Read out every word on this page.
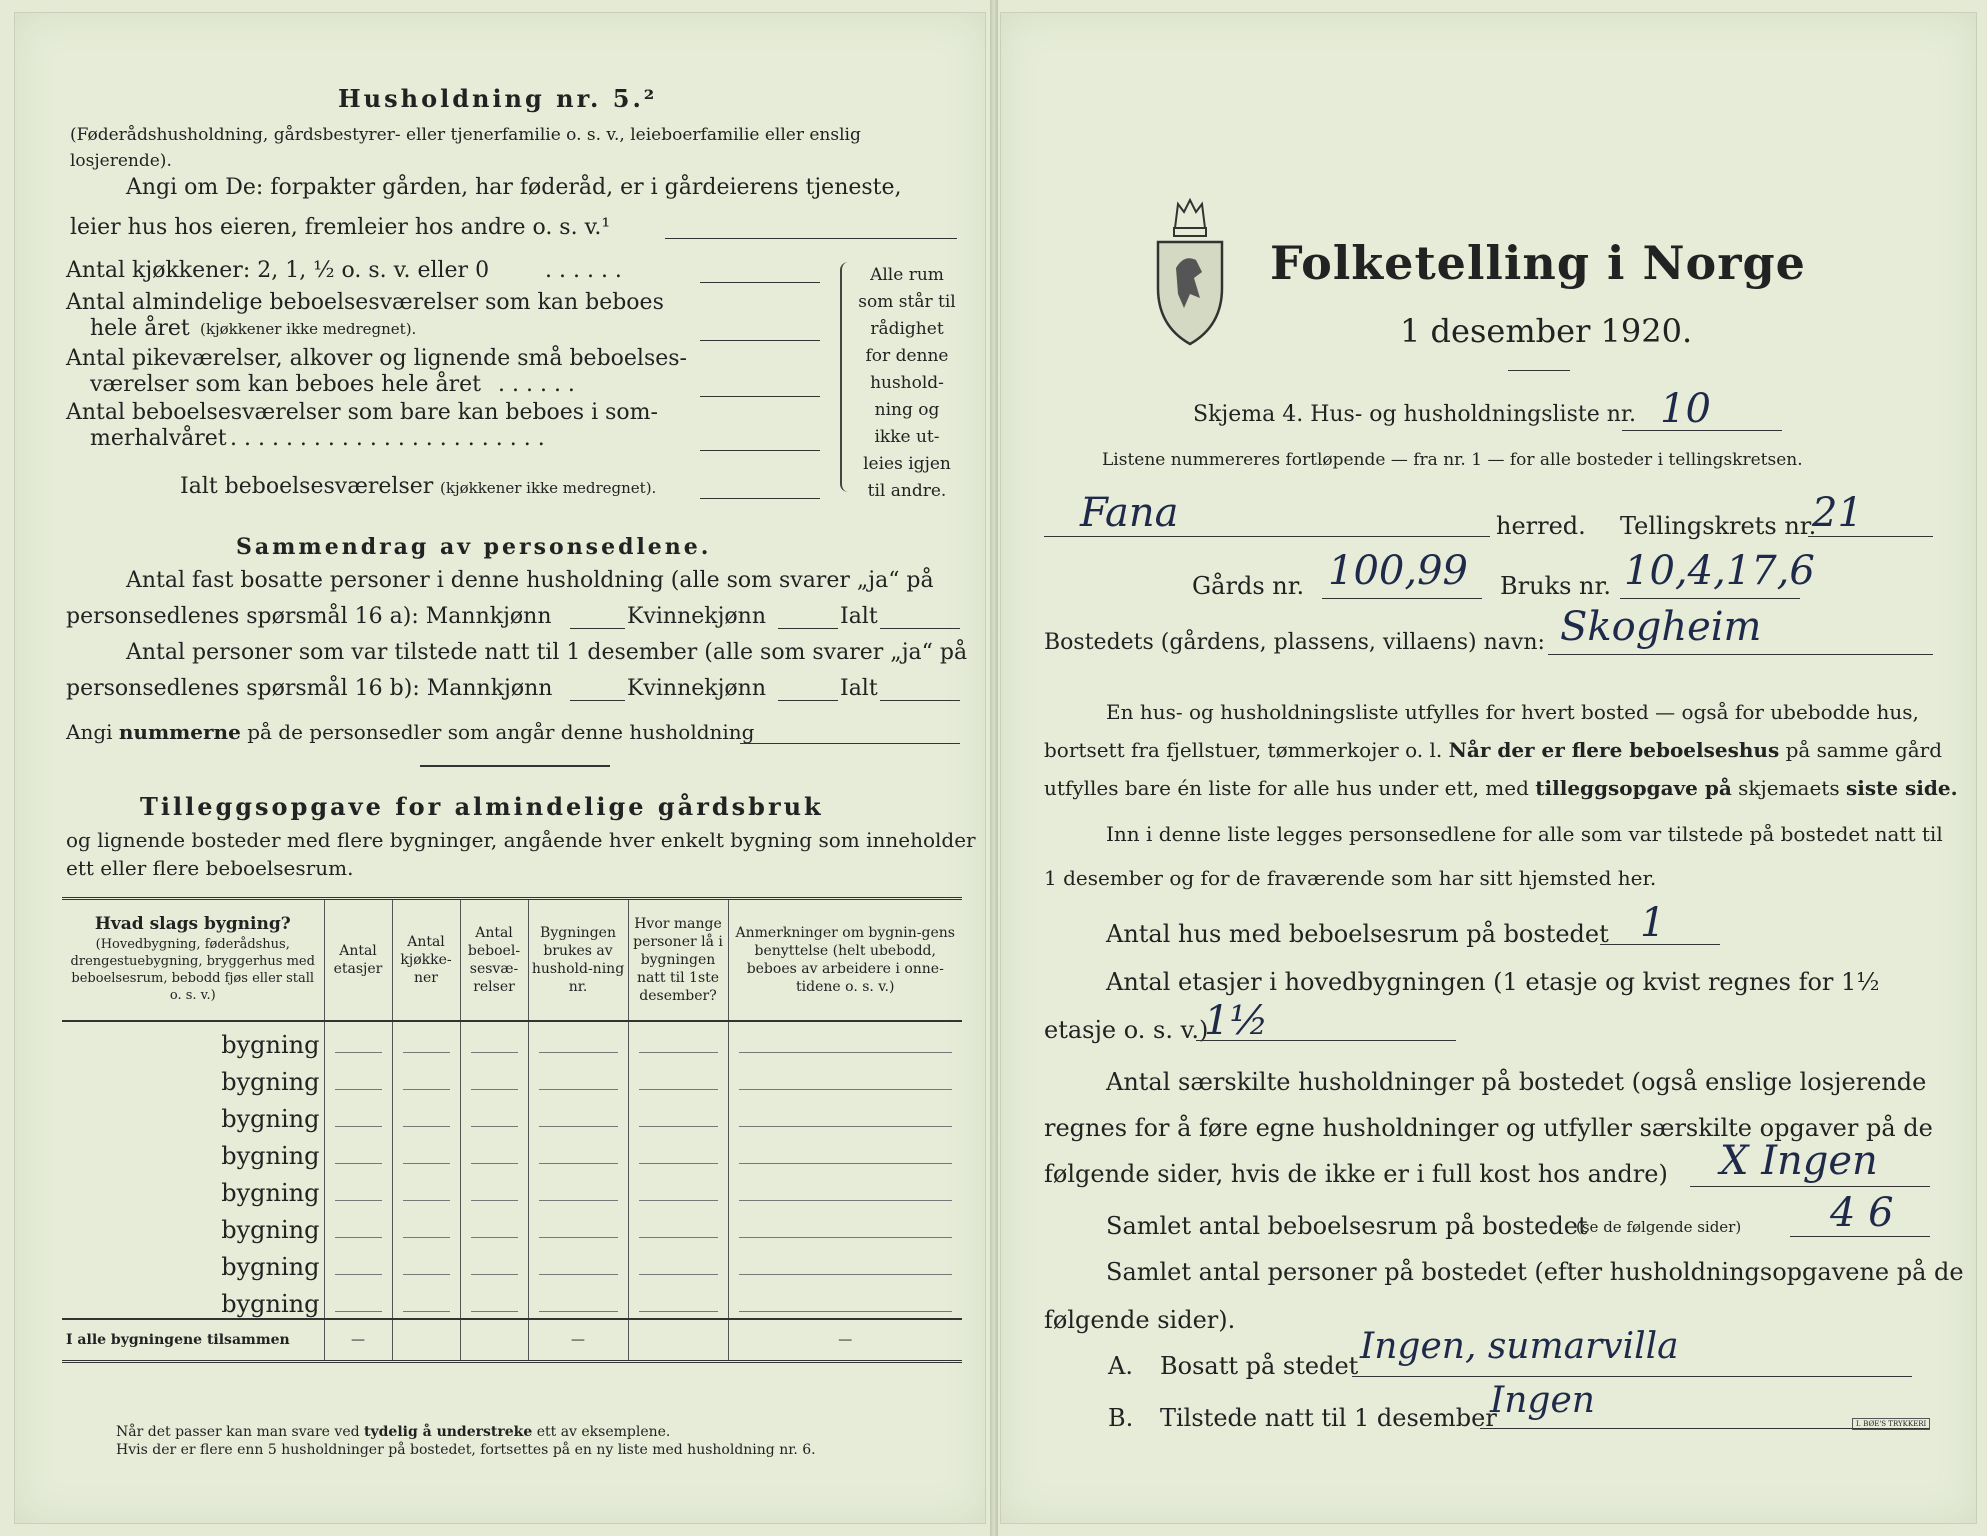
Husholdning nr. 5.²
(Føderådshusholdning, gårdsbestyrer- eller tjenerfamilie o. s. v., leieboerfamilie eller enslig losjerende).
Angi om De: forpakter gården, har føderåd, er i gårdeierens tjeneste,
leier hus hos eieren, fremleier hos andre o. s. v.¹
Antal kjøkkener: 2, 1, ½ o. s. v. eller 0	. . . . . .
Antal almindelige beboelsesværelser som kan beboes
hele året (kjøkkener ikke medregnet).
Antal pikeværelser, alkover og lignende små beboelses-
værelser som kan beboes hele året . . . . . .
Antal beboelsesværelser som bare kan beboes i som-
merhalvåret . . . . . . . . . . . . . . . . . . . . . . .
Ialt beboelsesværelser (kjøkkener ikke medregnet).
Alle rum
som står til
rådighet
for denne
hushold-
ning og
ikke ut-
leies igjen
til andre.
Sammendrag av personsedlene.
Antal fast bosatte personer i denne husholdning (alle som svarer „ja“ på
personsedlenes spørsmål 16 a): Mannkjønn	Kvinnekjønn	Ialt
Antal personer som var tilstede natt til 1 desember (alle som svarer „ja“ på
personsedlenes spørsmål 16 b): Mannkjønn	Kvinnekjønn	Ialt
Angi nummerne på de personsedler som angår denne husholdning
Tilleggsopgave for almindelige gårdsbruk
og lignende bosteder med flere bygninger, angående hver enkelt bygning som inneholder
ett eller flere beboelsesrum.
Hvad slags bygning?
(Hovedbygning, føderådshus, drengestuebygning, bryggerhus med beboelsesrum, bebodd fjøs eller stall o. s. v.)	Antal etasjer	Antal kjøkke-ner	Antal beboel-sesvæ-relser	Bygningen brukes av hushold-ning nr.	Hvor mange personer lå i bygningen natt til 1ste desember?	Anmerkninger om bygnin-gens benyttelse (helt ubebodd, beboes av arbeidere i onne-tidene o. s. v.)
bygning	

bygning	

bygning	

bygning	

bygning	

bygning	

bygning	

bygning	

I alle bygningene tilsammen	—			—		—
Når det passer kan man svare ved tydelig å understreke ett av eksemplene.
Hvis der er flere enn 5 husholdninger på bostedet, fortsettes på en ny liste med husholdning nr. 6.
Folketelling i Norge
1 desember 1920.
Skjema 4. Hus- og husholdningsliste nr. 10
Listene nummereres fortløpende — fra nr. 1 — for alle bosteder i tellingskretsen.
Fana	herred. Tellingskrets nr.
21
Gårds nr. 100,99 Bruks nr. 10,4,17,6
Bostedets (gårdens, plassens, villaens) navn: Skogheim
En hus- og husholdningsliste utfylles for hvert bosted — også for ubebodde hus,
bortsett fra fjellstuer, tømmerkojer o. l. Når der er flere beboelseshus på samme gård
utfylles bare én liste for alle hus under ett, med tilleggsopgave på skjemaets siste side.
Inn i denne liste legges personsedlene for alle som var tilstede på bostedet natt til
1 desember og for de fraværende som har sitt hjemsted her.
Antal hus med beboelsesrum på bostedet 1
Antal etasjer i hovedbygningen (1 etasje og kvist regnes for 1½
etasje o. s. v.)
1½
Antal særskilte husholdninger på bostedet (også enslige losjerende
regnes for å føre egne husholdninger og utfyller særskilte opgaver på de
følgende sider, hvis de ikke er i full kost hos andre) X Ingen
Samlet antal beboelsesrum på bostedet
(se de følgende sider) 4 6
Samlet antal personer på bostedet (efter husholdningsopgavene på de
følgende sider).
A. Bosatt på stedet Ingen, sumarvilla
B. Tilstede natt til 1 desember
Ingen
I. BØE'S TRYKKERI
